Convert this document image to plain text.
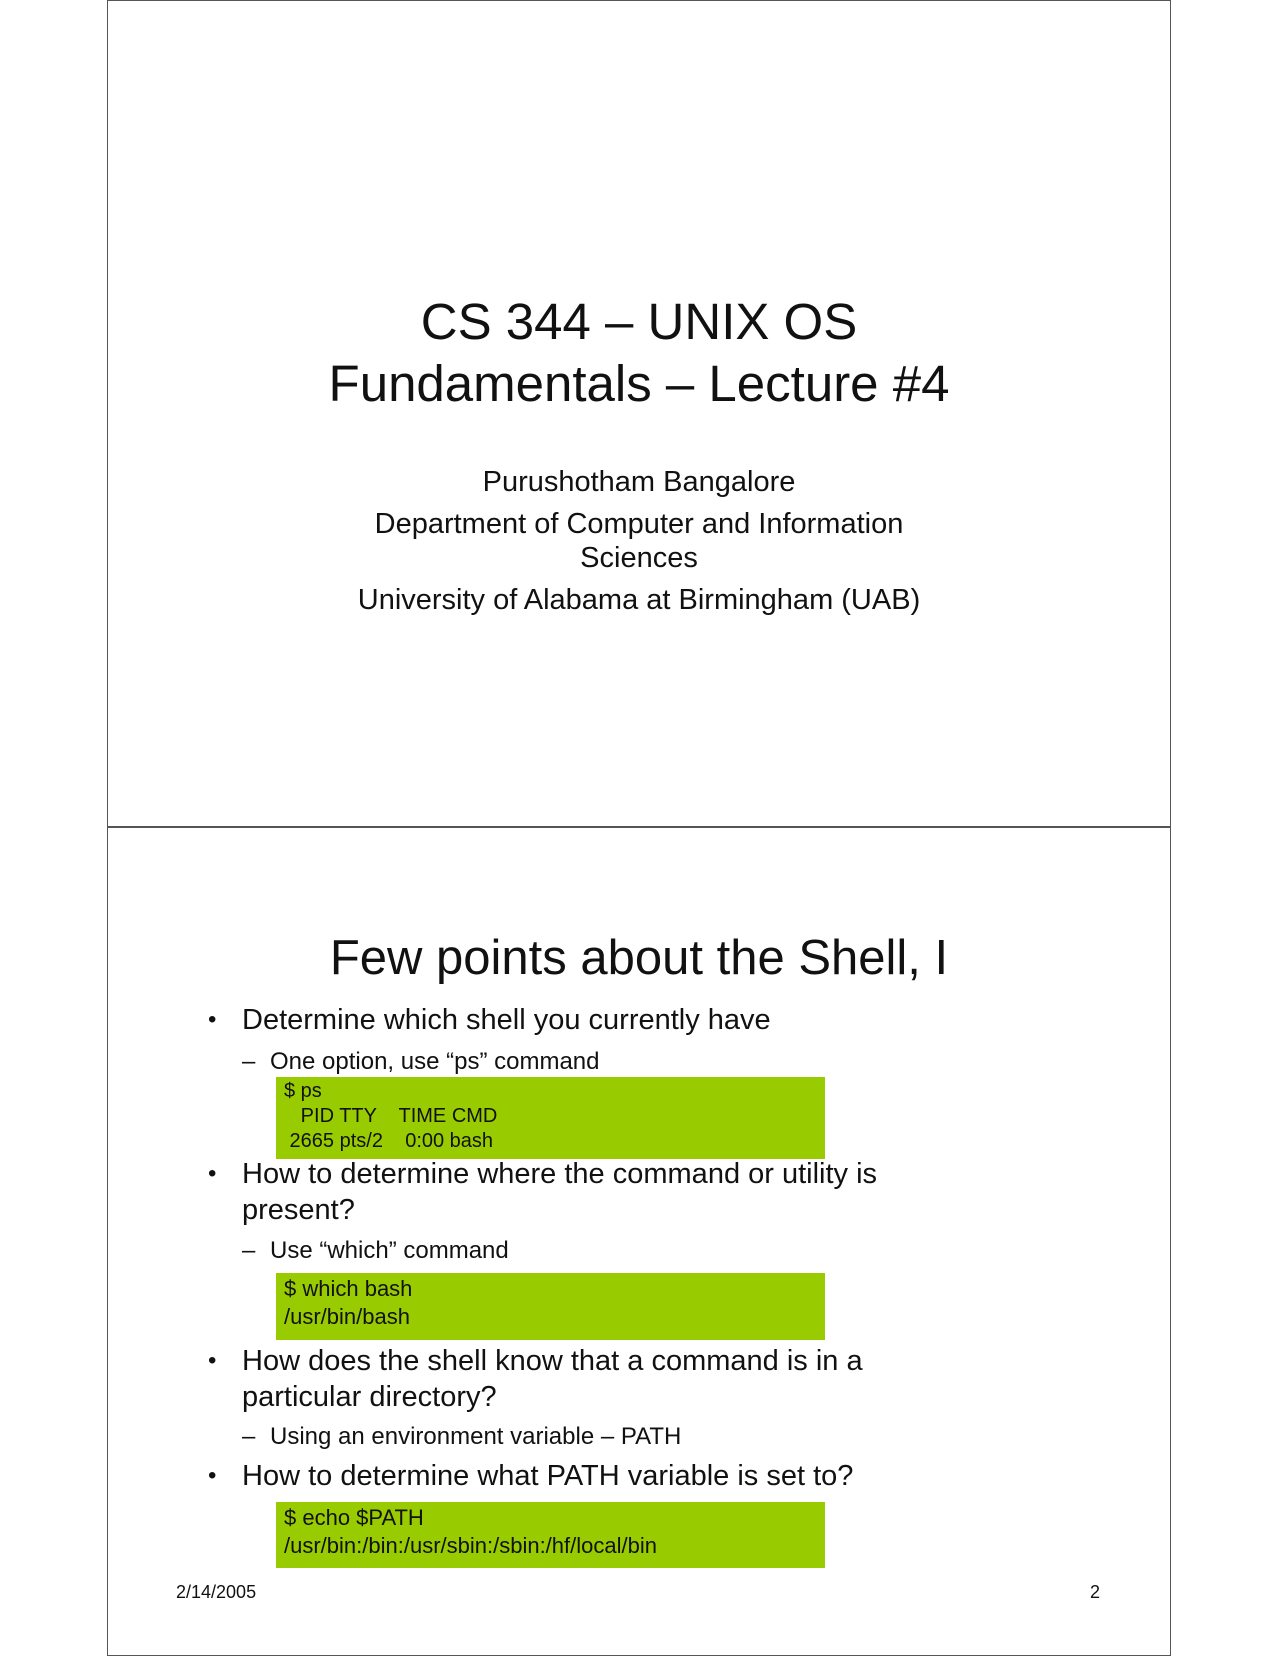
CS 344 – UNIX OS
Fundamentals – Lecture #4
Purushotham Bangalore
Department of Computer and Information
Sciences
University of Alabama at Birmingham (UAB)
Few points about the Shell, I
• Determine which shell you currently have
– One option, use “ps” command
$ ps
PID TTY    TIME CMD
2665 pts/2    0:00 bash
• How to determine where the command or utility is
present?
– Use “which” command
$ which bash
/usr/bin/bash
• How does the shell know that a command is in a
particular directory?
– Using an environment variable – PATH
• How to determine what PATH variable is set to?
$ echo $PATH
/usr/bin:/bin:/usr/sbin:/sbin:/hf/local/bin
2/14/2005	2
